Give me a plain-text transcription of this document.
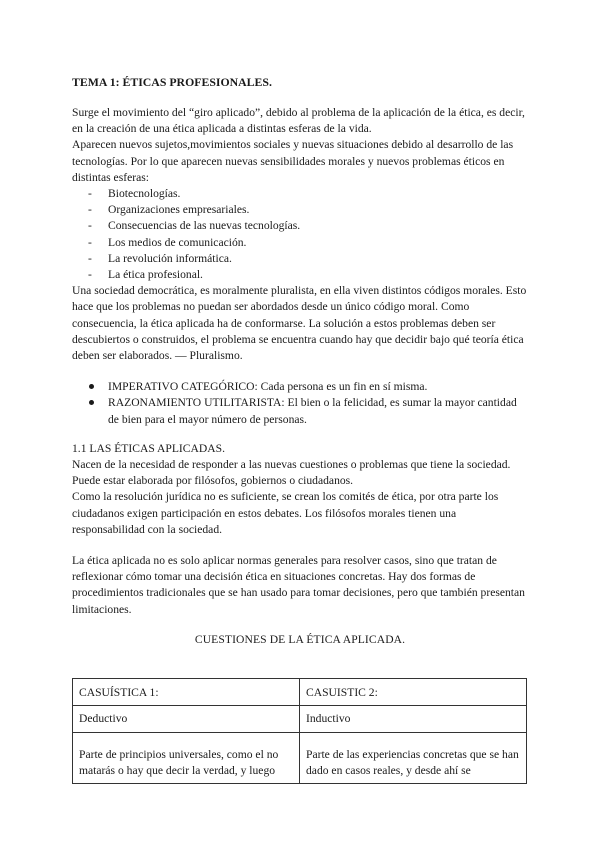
TEMA 1: ÉTICAS PROFESIONALES.

Surge el movimiento del “giro aplicado”, debido al problema de la aplicación de la ética, es decir, en la creación de una ética aplicada a distintas esferas de la vida.

Aparecen nuevos sujetos,movimientos sociales y nuevas situaciones debido al desarrollo de las tecnologías. Por lo que aparecen nuevas sensibilidades morales y nuevos problemas éticos en distintas esferas:

- Biotecnologías.
- Organizaciones empresariales.
- Consecuencias de las nuevas tecnologías.
- Los medios de comunicación.
- La revolución informática.
- La ética profesional.

Una sociedad democrática, es moralmente pluralista, en ella viven distintos códigos morales. Esto hace que los problemas no puedan ser abordados desde un único código moral. Como consecuencia, la ética aplicada ha de conformarse. La solución a estos problemas deben ser descubiertos o construidos, el problema se encuentra cuando hay que decidir bajo qué teoría ética deben ser elaborados. — Pluralismo.

IMPERATIVO CATEGÓRICO: Cada persona es un fin en sí misma.
RAZONAMIENTO UTILITARISTA: El bien o la felicidad, es sumar la mayor cantidad de bien para el mayor número de personas.

1.1 LAS ÉTICAS APLICADAS.

Nacen de la necesidad de responder a las nuevas cuestiones o problemas que tiene la sociedad. Puede estar elaborada por filósofos, gobiernos o ciudadanos.

Como la resolución jurídica no es suficiente, se crean los comités de ética, por otra parte los ciudadanos exigen participación en estos debates. Los filósofos morales tienen una responsabilidad con la sociedad.

La ética aplicada no es solo aplicar normas generales para resolver casos, sino que tratan de reflexionar cómo tomar una decisión ética en situaciones concretas. Hay dos formas de procedimientos tradicionales que se han usado para tomar decisiones, pero que también presentan limitaciones.

CUESTIONES DE LA ÉTICA APLICADA.

CASUÍSTICA 1:	CASUISTIC 2:
Deductivo	Inductivo
Parte de principios universales, como el no matarás o hay que decir la verdad, y luego	Parte de las experiencias concretas que se han dado en casos reales, y desde ahí se
